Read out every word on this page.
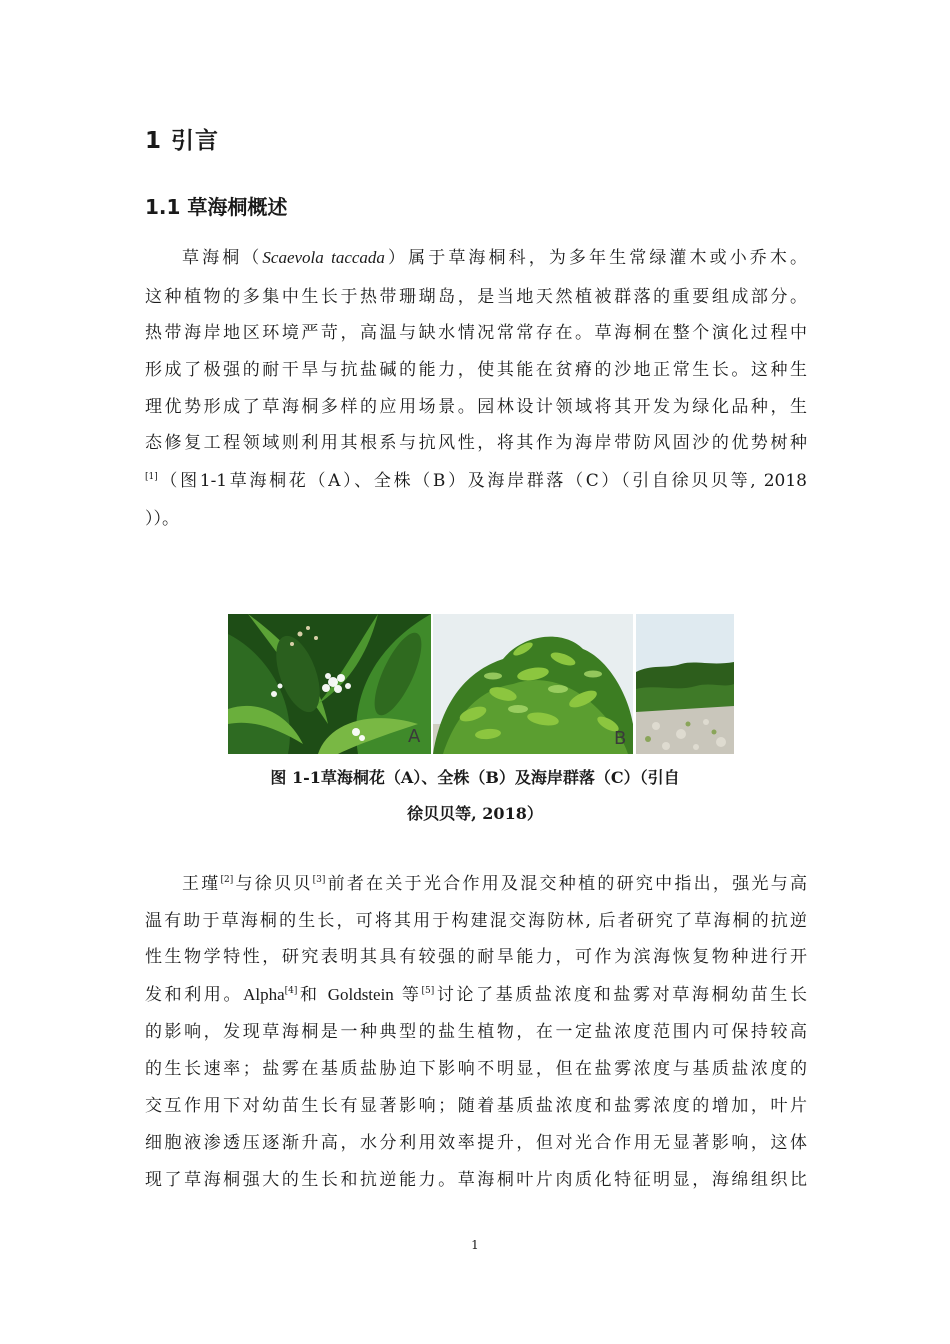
1 引言
1.1 草海桐概述
草海桐（Scaevola taccada）属于草海桐科，为多年生常绿灌木或小乔木。
这种植物的多集中生长于热带珊瑚岛，是当地天然植被群落的重要组成部分。
热带海岸地区环境严苛，高温与缺水情况常常存在。草海桐在整个演化过程中
形成了极强的耐干旱与抗盐碱的能力，使其能在贫瘠的沙地正常生长。这种生
理优势形成了草海桐多样的应用场景。园林设计领域将其开发为绿化品种，生
态修复工程领域则利用其根系与抗风性，将其作为海岸带防风固沙的优势树种
[1]（图1-1草海桐花（A）、全株（B）及海岸群落（C）（引自徐贝贝等, 2018
））。
A	B
图 1-1草海桐花（A）、全株（B）及海岸群落（C）（引自
徐贝贝等, 2018）
王瑾[2]与徐贝贝[3]前者在关于光合作用及混交种植的研究中指出，强光与高
温有助于草海桐的生长，可将其用于构建混交海防林, 后者研究了草海桐的抗逆
性生物学特性，研究表明其具有较强的耐旱能力，可作为滨海恢复物种进行开
发和利用。Alpha[4]和 Goldstein 等[5]讨论了基质盐浓度和盐雾对草海桐幼苗生长
的影响，发现草海桐是一种典型的盐生植物，在一定盐浓度范围内可保持较高
的生长速率；盐雾在基质盐胁迫下影响不明显，但在盐雾浓度与基质盐浓度的
交互作用下对幼苗生长有显著影响；随着基质盐浓度和盐雾浓度的增加，叶片
细胞液渗透压逐渐升高，水分利用效率提升，但对光合作用无显著影响，这体
现了草海桐强大的生长和抗逆能力。草海桐叶片肉质化特征明显，海绵组织比
1
